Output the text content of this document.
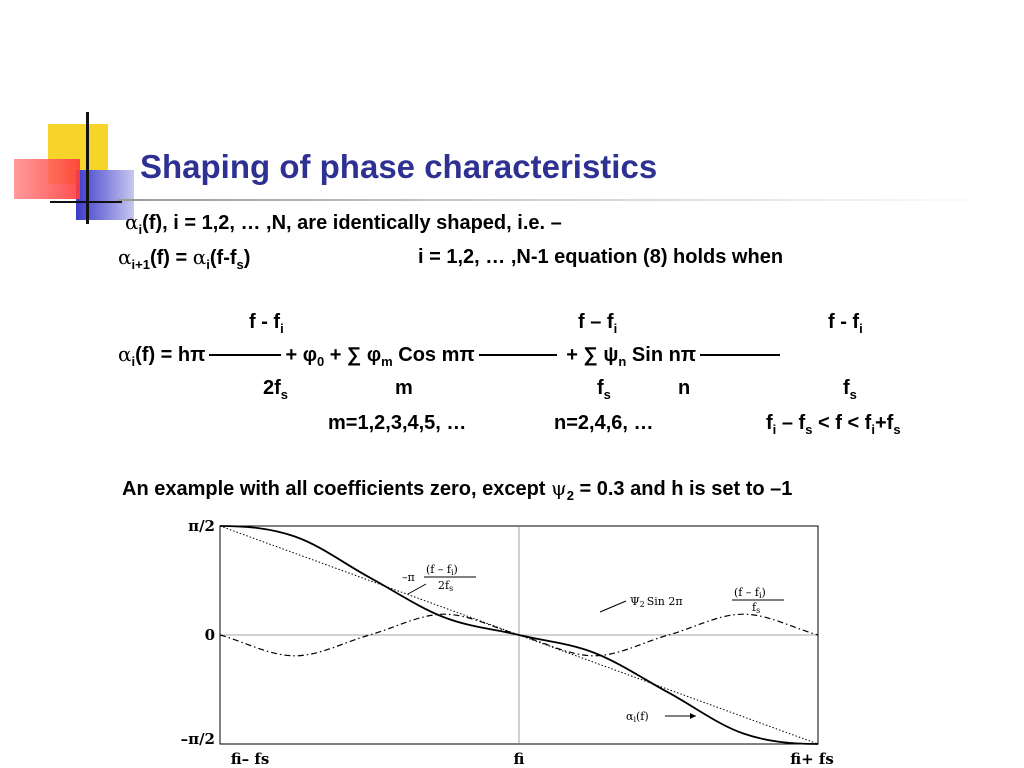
Shaping of phase characteristics
$\alpha_i(f)$, i = 1,2, … ,N, are identically shaped, i.e. –
$\alpha_{i+1}(f) = \alpha_i(f-f_s)$	i = 1,2, … ,N-1 equation (8) holds when
f - $f_i$	f – $f_i$	f - $f_i$
$\alpha_i(f) = h\pi$	+ $\varphi_0$ + ∑ $\varphi_m$ Cos mπ	+ ∑ $\psi_n$ Sin nπ
$2f_s$	m	$f_s$	n	$f_s$
m=1,2,3,4,5, …	n=2,4,6, …	$f_i - f_s < f < f_i+f_s$
An example with all coefficients zero, except $\psi_2 = 0.3$ and h is set to –1
π/2
0
–π/2
fi– fs	fi	fi+ fs
–π
(f – fi)
2fs
Ψ2 Sin 2π
(f – fi)
fs
αi(f)
